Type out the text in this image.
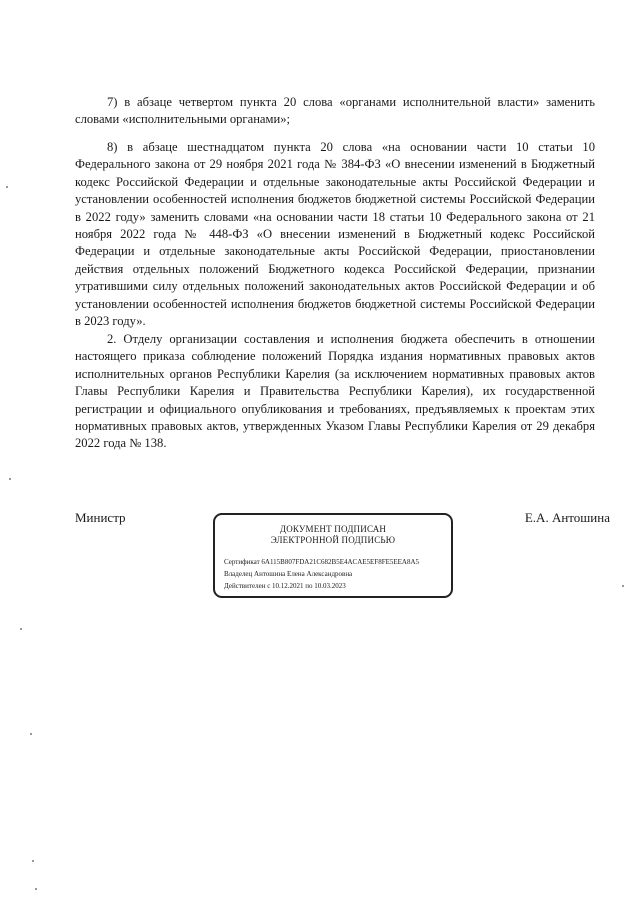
7) в абзаце четвертом пункта 20 слова «органами исполнительной власти» заменить словами «исполнительными органами»;

8) в абзаце шестнадцатом пункта 20 слова «на основании части 10 статьи 10 Федерального закона от 29 ноября 2021 года № 384-ФЗ «О внесении изменений в Бюджетный кодекс Российской Федерации и отдельные законодательные акты Российской Федерации и установлении особенностей исполнения бюджетов бюджетной системы Российской Федерации в 2022 году» заменить словами «на основании части 18 статьи 10 Федерального закона от 21 ноября 2022 года № 448-ФЗ «О внесении изменений в Бюджетный кодекс Российской Федерации и отдельные законодательные акты Российской Федерации, приостановлении действия отдельных положений Бюджетного кодекса Российской Федерации, признании утратившими силу отдельных положений законодательных актов Российской Федерации и об установлении особенностей исполнения бюджетов бюджетной системы Российской Федерации в 2023 году».

2. Отделу организации составления и исполнения бюджета обеспечить в отношении настоящего приказа соблюдение положений Порядка издания нормативных правовых актов исполнительных органов Республики Карелия (за исключением нормативных правовых актов Главы Республики Карелия и Правительства Республики Карелия), их государственной регистрации и официального опубликования и требованиях, предъявляемых к проектам этих нормативных правовых актов, утвержденных Указом Главы Республики Карелия от 29 декабря 2022 года № 138.

Министр
ДОКУМЕНТ ПОДПИСАН
ЭЛЕКТРОННОЙ ПОДПИСЬЮ
Сертификат 6A115B807FDA21C682B5E4ACAE5EF8FE5EEA8A5
Владелец Антошина Елена Александровна
Действителен с 10.12.2021 по 10.03.2023
Е.А. Антошина
